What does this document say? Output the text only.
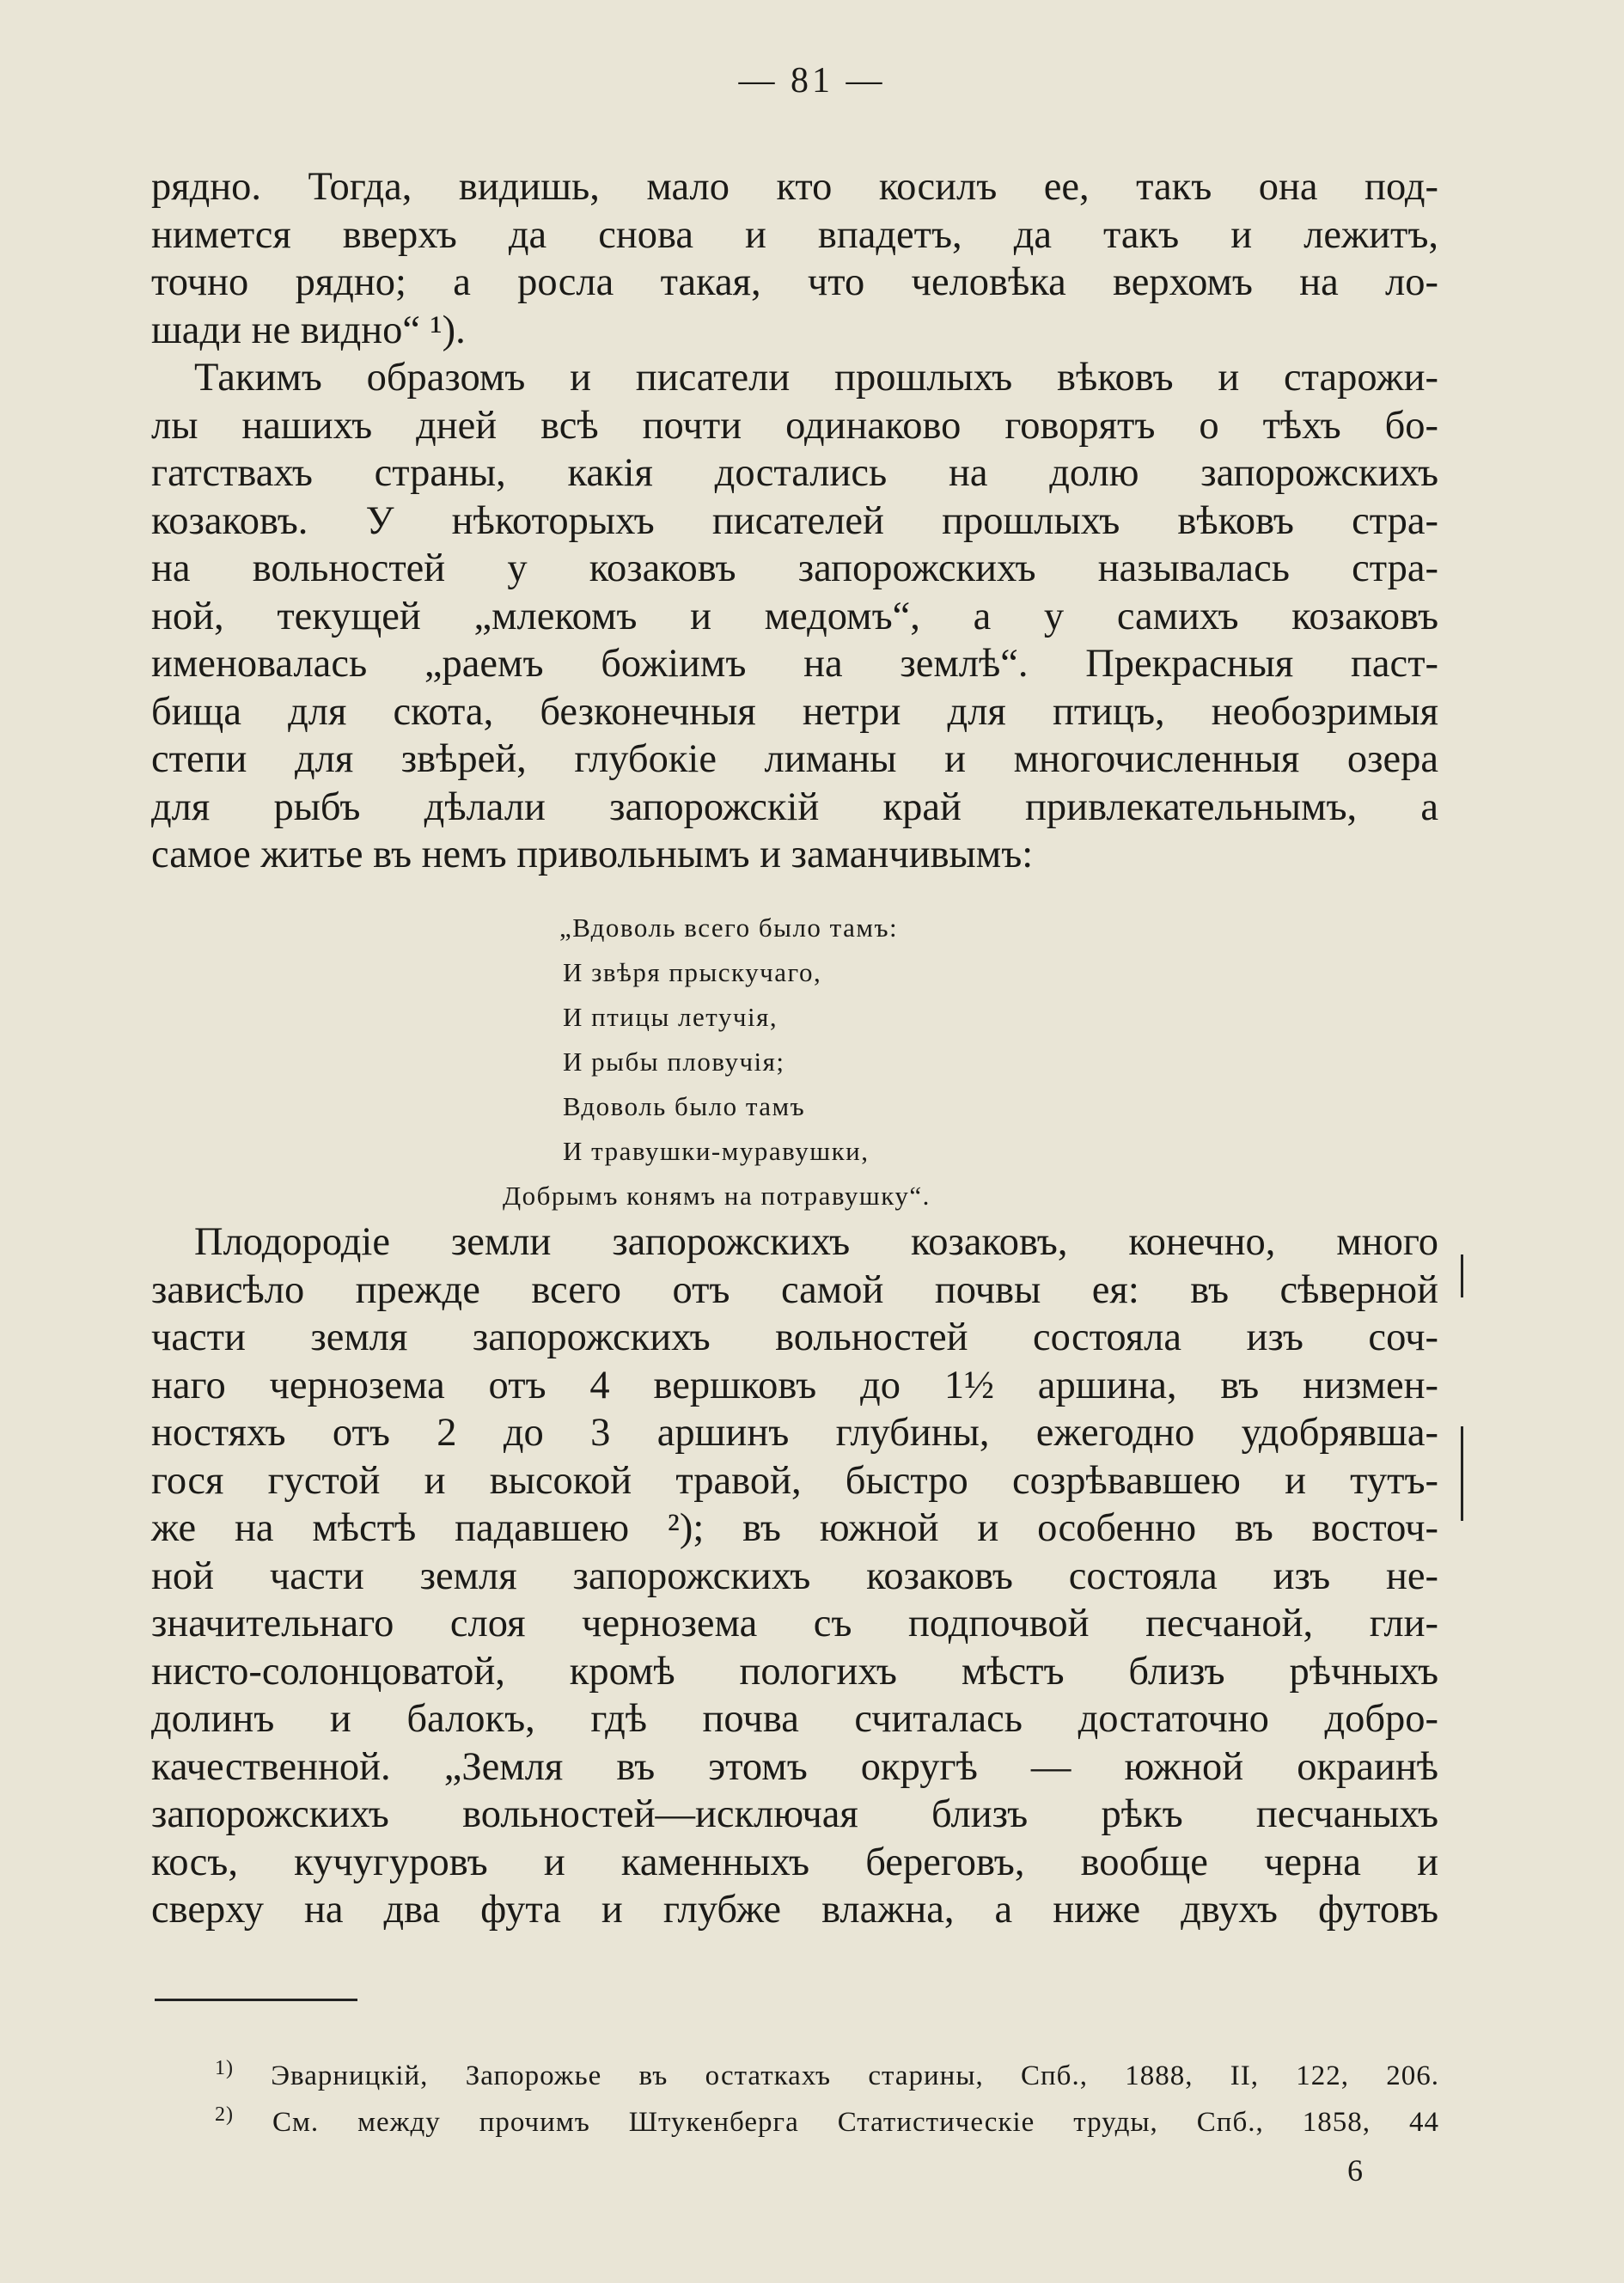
— 81 —
рядно. Тогда, видишь, мало кто косилъ ее, такъ она под-
нимется вверхъ да снова и впадетъ, да такъ и лежитъ,
точно рядно; а росла такая, что человѣка верхомъ на ло-
шади не видно“ ¹).
Такимъ образомъ и писатели прошлыхъ вѣковъ и старожи-
лы нашихъ дней всѣ почти одинаково говорятъ о тѣхъ бо-
гатствахъ страны, какія достались на долю запорожскихъ
козаковъ. У нѣкоторыхъ писателей прошлыхъ вѣковъ стра-
на вольностей у козаковъ запорожскихъ называлась стра-
ной, текущей „млекомъ и медомъ“, а у самихъ козаковъ
именовалась „раемъ божіимъ на землѣ“. Прекрасныя паст-
бища для скота, безконечныя нетри для птицъ, необозримыя
степи для звѣрей, глубокіе лиманы и многочисленныя озера
для рыбъ дѣлали запорожскій край привлекательнымъ, а
самое житье въ немъ привольнымъ и заманчивымъ:
„Вдоволь всего было тамъ:
И звѣря прыскучаго,
И птицы летучія,
И рыбы пловучія;
Вдоволь было тамъ
И травушки-муравушки,
Добрымъ конямъ на потравушку“.
Плодородіе земли запорожскихъ козаковъ, конечно, много
зависѣло прежде всего отъ самой почвы ея: въ сѣверной
части земля запорожскихъ вольностей состояла изъ соч-
наго чернозема отъ 4 вершковъ до 1½ аршина, въ низмен-
ностяхъ отъ 2 до 3 аршинъ глубины, ежегодно удобрявша-
гося густой и высокой травой, быстро созрѣвавшею и тутъ-
же на мѣстѣ падавшею ²); въ южной и особенно въ восточ-
ной части земля запорожскихъ козаковъ состояла изъ не-
значительнаго слоя чернозема съ подпочвой песчаной, гли-
нисто-солонцоватой, кромѣ пологихъ мѣстъ близъ рѣчныхъ
долинъ и балокъ, гдѣ почва считалась достаточно добро-
качественной. „Земля въ этомъ округѣ — южной окраинѣ
запорожскихъ вольностей—исключая близъ рѣкъ песчаныхъ
косъ, кучугуровъ и каменныхъ береговъ, вообще черна и
сверху на два фута и глубже влажна, а ниже двухъ футовъ
$^{1)}$ Эварницкій, Запорожье въ остаткахъ старины, Спб., 1888, II, 122, 206.
$^{2)}$ См. между прочимъ Штукенберга Статистическіе труды, Спб., 1858, 44
6
